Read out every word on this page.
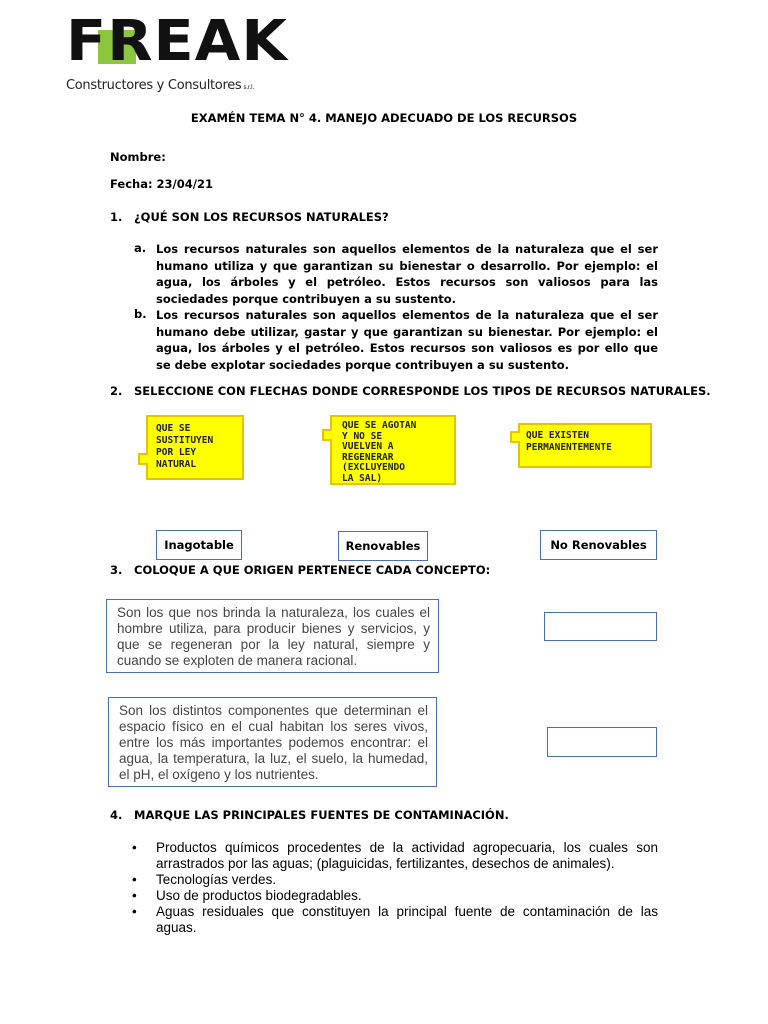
FREAK
Constructores y Consultores s.r.l.
EXAMÉN TEMA N° 4. MANEJO ADECUADO DE LOS RECURSOS
Nombre:
Fecha: 23/04/21
1. ¿QUÉ SON LOS RECURSOS NATURALES?
a. Los recursos naturales son aquellos elementos de la naturaleza que el ser humano utiliza y que garantizan su bienestar o desarrollo. Por ejemplo: el agua, los árboles y el petróleo. Estos recursos son valiosos para las sociedades porque contribuyen a su sustento.
b. Los recursos naturales son aquellos elementos de la naturaleza que el ser humano debe utilizar, gastar y que garantizan su bienestar. Por ejemplo: el agua, los árboles y el petróleo. Estos recursos son valiosos es por ello que se debe explotar sociedades porque contribuyen a su sustento.
2. SELECCIONE CON FLECHAS DONDE CORRESPONDE LOS TIPOS DE RECURSOS NATURALES.
QUE SE
SUSTITUYEN
POR LEY
NATURAL
QUE SE AGOTAN
Y NO SE
VUELVEN A
REGENERAR
(EXCLUYENDO
LA SAL)
QUE EXISTEN
PERMANENTEMENTE
Inagotable	Renovables	No Renovables
3. COLOQUE A QUE ORIGEN PERTENECE CADA CONCEPTO:
Son los que nos brinda la naturaleza, los cuales el hombre utiliza, para producir bienes y servicios, y que se regeneran por la ley natural, siempre y cuando se exploten de manera racional.
Son los distintos componentes que determinan el espacio físico en el cual habitan los seres vivos, entre los más importantes podemos encontrar: el agua, la temperatura, la luz, el suelo, la humedad, el pH, el oxígeno y los nutrientes.
4. MARQUE LAS PRINCIPALES FUENTES DE CONTAMINACIÓN.
• Productos químicos procedentes de la actividad agropecuaria, los cuales son arrastrados por las aguas; (plaguicidas, fertilizantes, desechos de animales).
• Tecnologías verdes.
• Uso de productos biodegradables.
• Aguas residuales que constituyen la principal fuente de contaminación de las aguas.
